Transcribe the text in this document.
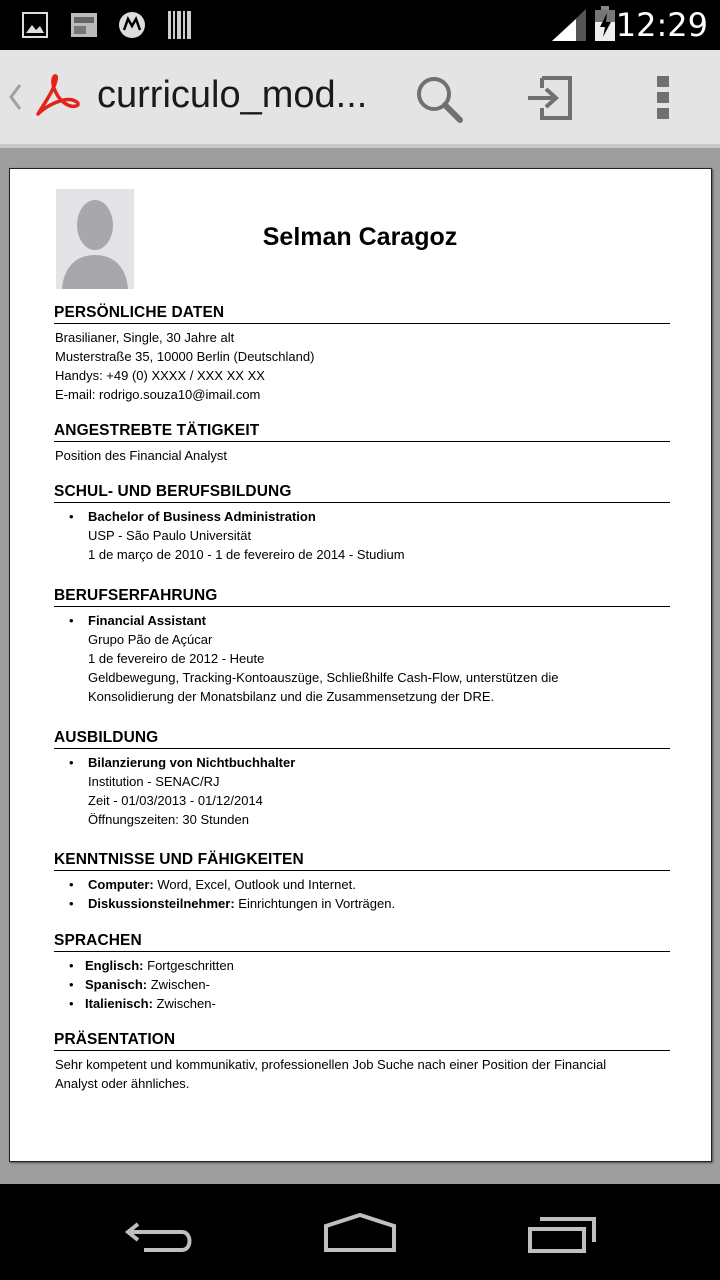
12:29
curriculo_mod...
Selman Caragoz
PERSÖNLICHE DATEN
Brasilianer, Single, 30 Jahre alt
Musterstraße 35, 10000 Berlin (Deutschland)
Handys: +49 (0) XXXX / XXX XX XX
E-mail: rodrigo.souza10@imail.com
ANGESTREBTE TÄTIGKEIT
Position des Financial Analyst
SCHUL- UND BERUFSBILDUNG
• Bachelor of Business Administration
USP - São Paulo Universität
1 de março de 2010 - 1 de fevereiro de 2014 - Studium
BERUFSERFAHRUNG
• Financial Assistant
Grupo Pão de Açúcar
1 de fevereiro de 2012 - Heute
Geldbewegung, Tracking-Kontoauszüge, Schließhilfe Cash-Flow, unterstützen die
Konsolidierung der Monatsbilanz und die Zusammensetzung der DRE.
AUSBILDUNG
• Bilanzierung von Nichtbuchhalter
Institution - SENAC/RJ
Zeit - 01/03/2013 - 01/12/2014
Öffnungszeiten: 30 Stunden
KENNTNISSE UND FÄHIGKEITEN
• Computer: Word, Excel, Outlook und Internet.
• Diskussionsteilnehmer: Einrichtungen in Vorträgen.
SPRACHEN
• Englisch: Fortgeschritten
• Spanisch: Zwischen-
• Italienisch: Zwischen-
PRÄSENTATION
Sehr kompetent und kommunikativ, professionellen Job Suche nach einer Position der Financial
Analyst oder ähnliches.
